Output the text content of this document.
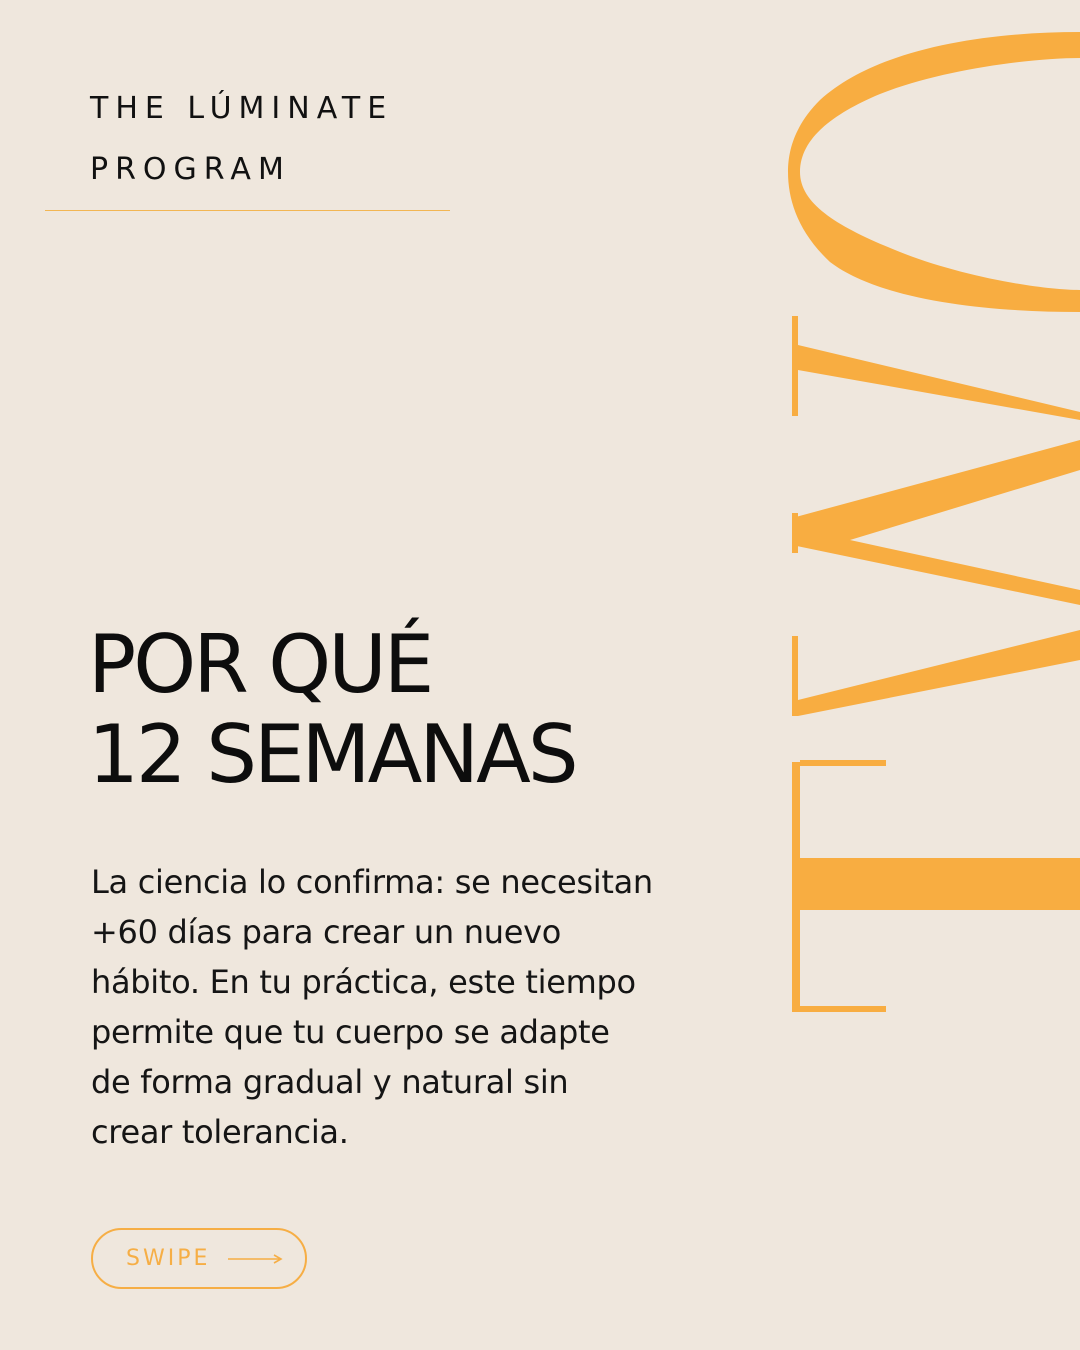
THE LÚMINATE
PROGRAM
POR QUÉ
12 SEMANAS
La ciencia lo confirma: se necesitan
+60 días para crear un nuevo
hábito. En tu práctica, este tiempo
permite que tu cuerpo se adapte
de forma gradual y natural sin
crear tolerancia.
SWIPE
